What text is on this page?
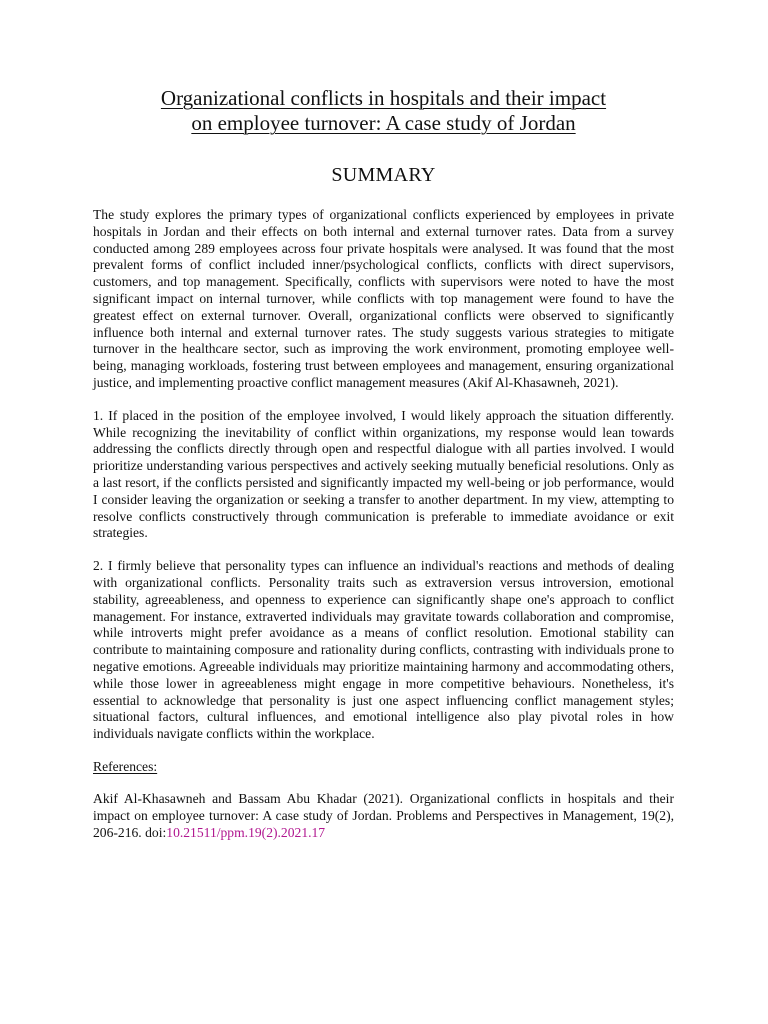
Organizational conflicts in hospitals and their impact
on employee turnover: A case study of Jordan
SUMMARY

The study explores the primary types of organizational conflicts experienced by employees in private hospitals in Jordan and their effects on both internal and external turnover rates. Data from a survey conducted among 289 employees across four private hospitals were analysed. It was found that the most prevalent forms of conflict included inner/psychological conflicts, conflicts with direct supervisors, customers, and top management. Specifically, conflicts with supervisors were noted to have the most significant impact on internal turnover, while conflicts with top management were found to have the greatest effect on external turnover. Overall, organizational conflicts were observed to significantly influence both internal and external turnover rates. The study suggests various strategies to mitigate turnover in the healthcare sector, such as improving the work environment, promoting employee well-being, managing workloads, fostering trust between employees and management, ensuring organizational justice, and implementing proactive conflict management measures (Akif Al-Khasawneh, 2021).

1. If placed in the position of the employee involved, I would likely approach the situation differently. While recognizing the inevitability of conflict within organizations, my response would lean towards addressing the conflicts directly through open and respectful dialogue with all parties involved. I would prioritize understanding various perspectives and actively seeking mutually beneficial resolutions. Only as a last resort, if the conflicts persisted and significantly impacted my well-being or job performance, would I consider leaving the organization or seeking a transfer to another department. In my view, attempting to resolve conflicts constructively through communication is preferable to immediate avoidance or exit strategies.

2. I firmly believe that personality types can influence an individual's reactions and methods of dealing with organizational conflicts. Personality traits such as extraversion versus introversion, emotional stability, agreeableness, and openness to experience can significantly shape one's approach to conflict management. For instance, extraverted individuals may gravitate towards collaboration and compromise, while introverts might prefer avoidance as a means of conflict resolution. Emotional stability can contribute to maintaining composure and rationality during conflicts, contrasting with individuals prone to negative emotions. Agreeable individuals may prioritize maintaining harmony and accommodating others, while those lower in agreeableness might engage in more competitive behaviours. Nonetheless, it's essential to acknowledge that personality is just one aspect influencing conflict management styles; situational factors, cultural influences, and emotional intelligence also play pivotal roles in how individuals navigate conflicts within the workplace.

References:

Akif Al-Khasawneh and Bassam Abu Khadar (2021). Organizational conflicts in hospitals and their impact on employee turnover: A case study of Jordan. Problems and Perspectives in Management, 19(2), 206-216. doi:10.21511/ppm.19(2).2021.17
